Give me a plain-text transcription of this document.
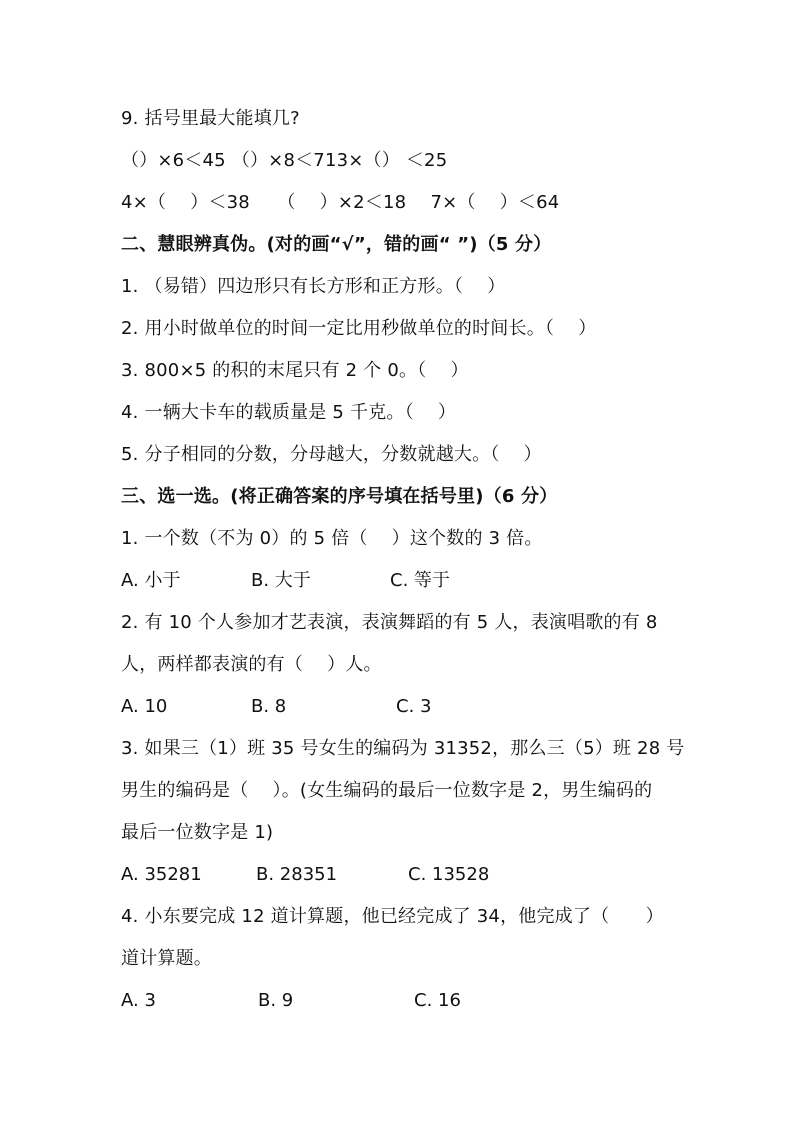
9. 括号里最大能填几?
（）×6＜45 （）×8＜713×（） ＜25
4×（　 ）＜38　　（　 ）×2＜18　 7×（　 ）＜64
二、慧眼辨真伪。(对的画“√”，错的画“ ”)（5 分）
1. （易错）四边形只有长方形和正方形。（　 ）
2. 用小时做单位的时间一定比用秒做单位的时间长。（　 ）
3. 800×5 的积的末尾只有 2 个 0。（　 ）
4. 一辆大卡车的载质量是 5 千克。（　 ）
5. 分子相同的分数，分母越大，分数就越大。（　 ）
三、选一选。(将正确答案的序号填在括号里)（6 分）
1. 一个数（不为 0）的 5 倍（　 ）这个数的 3 倍。
A. 小于	B. 大于	C. 等于
2. 有 10 个人参加才艺表演，表演舞蹈的有 5 人，表演唱歌的有 8
人，两样都表演的有（　 ）人。
A. 10	B. 8	C. 3
3. 如果三（1）班 35 号女生的编码为 31352，那么三（5）班 28 号
男生的编码是（　 ）。(女生编码的最后一位数字是 2，男生编码的
最后一位数字是 1)
A. 35281	B. 28351	C. 13528
4. 小东要完成 12 道计算题，他已经完成了 34，他完成了（　　）
道计算题。
A. 3	B. 9	C. 16
